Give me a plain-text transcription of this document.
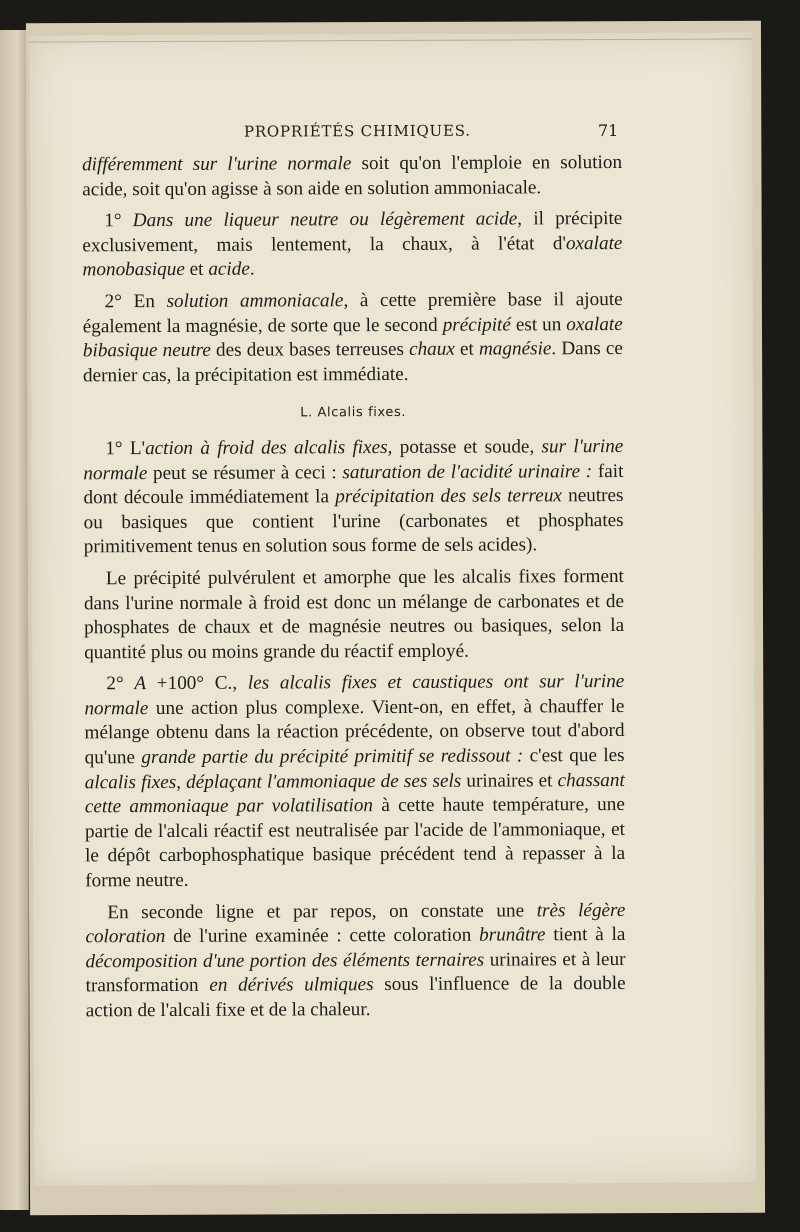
PROPRIÉTÉS CHIMIQUES.	71

différemment sur l'urine normale soit qu'on l'emploie en solution acide, soit qu'on agisse à son aide en solution ammoniacale.

1° Dans une liqueur neutre ou légèrement acide, il précipite exclusivement, mais lentement, la chaux, à l'état d'oxalate monobasique et acide.

2° En solution ammoniacale, à cette première base il ajoute également la magnésie, de sorte que le second précipité est un oxalate bibasique neutre des deux bases terreuses chaux et magnésie. Dans ce dernier cas, la précipitation est immédiate.

L. Alcalis fixes.

1° L'action à froid des alcalis fixes, potasse et soude, sur l'urine normale peut se résumer à ceci : saturation de l'acidité urinaire : fait dont découle immédiatement la précipitation des sels terreux neutres ou basiques que contient l'urine (carbonates et phosphates primitivement tenus en solution sous forme de sels acides).

Le précipité pulvérulent et amorphe que les alcalis fixes forment dans l'urine normale à froid est donc un mélange de carbonates et de phosphates de chaux et de magnésie neutres ou basiques, selon la quantité plus ou moins grande du réactif employé.

2° A +100° C., les alcalis fixes et caustiques ont sur l'urine normale une action plus complexe. Vient-on, en effet, à chauffer le mélange obtenu dans la réaction précédente, on observe tout d'abord qu'une grande partie du précipité primitif se redissout : c'est que les alcalis fixes, déplaçant l'ammoniaque de ses sels urinaires et chassant cette ammoniaque par volatilisation à cette haute température, une partie de l'alcali réactif est neutralisée par l'acide de l'ammoniaque, et le dépôt carbophosphatique basique précédent tend à repasser à la forme neutre.

En seconde ligne et par repos, on constate une très légère coloration de l'urine examinée : cette coloration brunâtre tient à la décomposition d'une portion des éléments ternaires urinaires et à leur transformation en dérivés ulmiques sous l'influence de la double action de l'alcali fixe et de la chaleur.
